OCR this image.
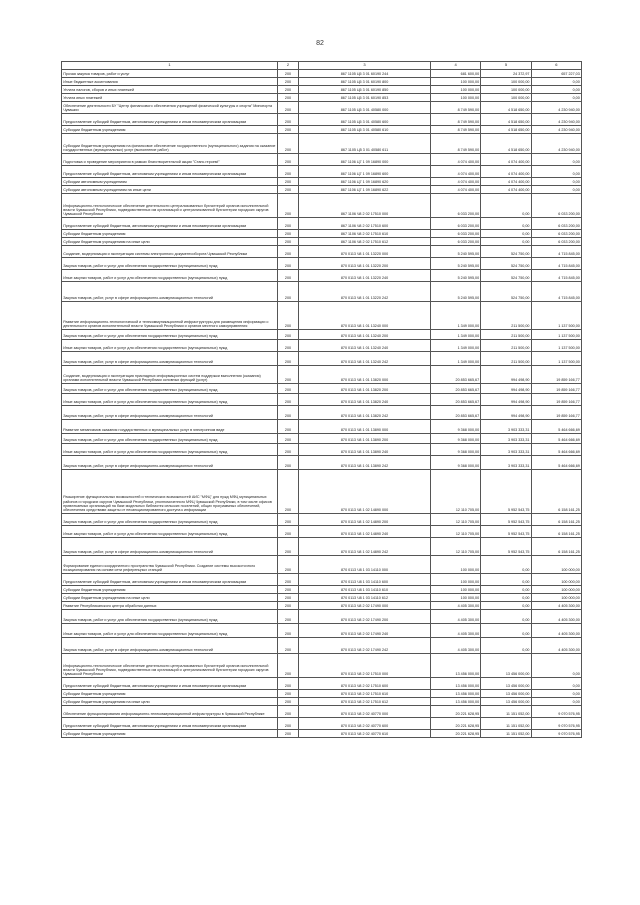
82
1	2	3	4	5	6
Прочая закупка товаров, работ и услуг	200	867 1105 Ц5 3 01 60190 244	681 600,00	24 372,97	657 227,03
Иные бюджетные ассигнования	200	867 1105 Ц5 3 01 60190 800	100 000,00	100 000,00	0,00
Уплата налогов, сборов и иных платежей	200	867 1105 Ц5 3 01 60190 850	100 000,00	100 000,00	0,00
Уплата иных платежей	200	867 1105 Ц5 3 01 60190 853	100 000,00	100 000,00	0,00
Обеспечение деятельности БУ "Центр финансового обеспечения учреждений физической культуры и спорта" Минспорта Чувашии	200	867 1105 Ц5 3 01 40580 000	8 749 590,00	4 518 650,00	4 230 940,00
Предоставление субсидий бюджетным, автономным учреждениям и иным некоммерческим организациям	200	867 1105 Ц5 3 01 40580 600	8 749 590,00	4 518 650,00	4 230 940,00
Субсидии бюджетным учреждениям	200	867 1105 Ц5 3 01 40580 610	8 749 590,00	4 518 650,00	4 230 940,00
Субсидии бюджетным учреждениям на финансовое обеспечение государственного (муниципального) задания на оказание государственных (муниципальных) услуг (выполнение работ)	200	867 1105 Ц5 3 01 40580 611	8 749 590,00	4 518 650,00	4 230 940,00
Подготовка и проведение мероприятия в рамках благотворительной акции "Стань героем!"	200	867 1106 Ц7 1 09 16890 000	4 074 400,00	4 074 400,00	0,00
Предоставление субсидий бюджетным, автономным учреждениям и иным некоммерческим организациям	200	867 1106 Ц7 1 09 16890 600	4 074 400,00	4 074 400,00	0,00
Субсидии автономным учреждениям	200	867 1106 Ц7 1 09 16890 620	4 074 400,00	4 074 400,00	0,00
Субсидии автономным учреждениям на иные цели	200	867 1106 Ц7 1 09 16890 622	4 074 400,00	4 074 400,00	0,00
Информационно-технологическое обеспечение деятельности централизованных бухгалтерий органов исполнительной власти Чувашской Республики, подведомственных им организаций и централизованной бухгалтерии городских округов Чувашской Республики	200	867 1106 Ч8 2 02 17510 000	6 033 200,00	0,00	6 033 200,00
Предоставление субсидий бюджетным, автономным учреждениям и иным некоммерческим организациям	200	867 1106 Ч8 2 02 17510 600	6 033 200,00	0,00	6 033 200,00
Субсидии бюджетным учреждениям	200	867 1106 Ч8 2 02 17510 610	6 033 200,00	0,00	6 033 200,00
Субсидии бюджетным учреждениям на иные цели	200	867 1106 Ч8 2 02 17510 612	6 033 200,00	0,00	6 033 200,00
Создание, модернизация и эксплуатация системы электронного документооборота Чувашской Республики	200	870 0113 Ч8 1 01 13220 000	5 240 595,00	524 750,00	4 715 845,00
Закупка товаров, работ и услуг для обеспечения государственных (муниципальных) нужд	200	870 0113 Ч8 1 01 13220 200	5 240 595,00	524 750,00	4 715 845,00
Иные закупки товаров, работ и услуг для обеспечения государственных (муниципальных) нужд	200	870 0113 Ч8 1 01 13220 240	5 240 595,00	524 750,00	4 715 845,00
Закупка товаров, работ, услуг в сфере информационно-коммуникационных технологий	200	870 0113 Ч8 1 01 13220 242	5 240 595,00	524 750,00	4 715 845,00
Развитие информационно-технологической и телекоммуникационной инфраструктуры для размещения информации о деятельности органов исполнительной власти Чувашской Республики и органов местного самоуправления	200	870 0113 Ч8 1 01 13240 000	1 349 000,00	211 500,00	1 137 500,00
Закупка товаров, работ и услуг для обеспечения государственных (муниципальных) нужд	200	870 0113 Ч8 1 01 13240 200	1 349 000,00	211 500,00	1 137 500,00
Иные закупки товаров, работ и услуг для обеспечения государственных (муниципальных) нужд	200	870 0113 Ч8 1 01 13240 240	1 349 000,00	211 500,00	1 137 500,00
Закупка товаров, работ, услуг в сфере информационно-коммуникационных технологий	200	870 0113 Ч8 1 01 13240 242	1 349 000,00	211 500,00	1 137 500,00
Создание, модернизация и эксплуатация прикладных информационных систем поддержки выполнения (оказания) органами исполнительной власти Чувашской Республики основных функций (услуг)	200	870 0113 Ч8 1 01 13820 000	20 853 665,67	994 498,90	19 859 166,77
Закупка товаров, работ и услуг для обеспечения государственных (муниципальных) нужд	200	870 0113 Ч8 1 01 13820 200	20 853 665,67	994 498,90	19 859 166,77
Иные закупки товаров, работ и услуг для обеспечения государственных (муниципальных) нужд	200	870 0113 Ч8 1 01 13820 240	20 853 665,67	994 498,90	19 859 166,77
Закупка товаров, работ, услуг в сфере информационно-коммуникационных технологий	200	870 0113 Ч8 1 01 13820 242	20 853 665,67	994 498,90	19 859 166,77
Развитие механизмов оказания государственных и муниципальных услуг в электронном виде	200	870 0113 Ч8 1 01 13890 000	9 368 000,00	3 903 333,31	5 464 666,69
Закупка товаров, работ и услуг для обеспечения государственных (муниципальных) нужд	200	870 0113 Ч8 1 01 13890 200	9 368 000,00	3 903 333,31	5 464 666,69
Иные закупки товаров, работ и услуг для обеспечения государственных (муниципальных) нужд	200	870 0113 Ч8 1 01 13890 240	9 368 000,00	3 903 333,31	5 464 666,69
Закупка товаров, работ, услуг в сфере информационно-коммуникационных технологий	200	870 0113 Ч8 1 01 13890 242	9 368 000,00	3 903 333,31	5 464 666,69
Расширение функциональных возможностей и технических возможностей АИС "МФЦ" для нужд МФЦ муниципальных районов и городских округов Чувашской Республики, уполномоченного МФЦ Чувашской Республики, в том числе офисов привлекаемых организаций на базе модельных библиотек сельских поселений, общих программных обеспечений, обеспечения средствами защиты от несанкционированного доступа к информации	200	870 0113 Ч8 1 02 14890 000	12 110 705,00	5 952 543,75	6 158 161,25
Закупка товаров, работ и услуг для обеспечения государственных (муниципальных) нужд	200	870 0113 Ч8 1 02 14890 200	12 110 705,00	5 952 543,75	6 158 161,25
Иные закупки товаров, работ и услуг для обеспечения государственных (муниципальных) нужд	200	870 0113 Ч8 1 02 14890 240	12 110 705,00	5 952 543,75	6 158 161,25
Закупка товаров, работ, услуг в сфере информационно-коммуникационных технологий	200	870 0113 Ч8 1 02 14890 242	12 110 705,00	5 952 543,75	6 158 161,25
Формирование единого координатного пространства Чувашской Республики. Создание системы высокоточного позиционирования на основе сети референцных станций	200	870 0113 Ч8 1 03 14110 000	100 000,00	0,00	100 000,00
Предоставление субсидий бюджетным, автономным учреждениям и иным некоммерческим организациям	200	870 0113 Ч8 1 03 14110 600	100 000,00	0,00	100 000,00
Субсидии бюджетным учреждениям	200	870 0113 Ч8 1 03 14110 610	100 000,00	0,00	100 000,00
Субсидии бюджетным учреждениям на иные цели	200	870 0113 Ч8 1 03 14110 612	100 000,00	0,00	100 000,00
Развитие Республиканского центра обработки данных	200	870 0113 Ч8 2 02 17490 000	4 405 300,00	0,00	4 405 300,00
Закупка товаров, работ и услуг для обеспечения государственных (муниципальных) нужд	200	870 0113 Ч8 2 02 17490 200	4 405 300,00	0,00	4 405 300,00
Иные закупки товаров, работ и услуг для обеспечения государственных (муниципальных) нужд	200	870 0113 Ч8 2 02 17490 240	4 405 300,00	0,00	4 405 300,00
Закупка товаров, работ, услуг в сфере информационно-коммуникационных технологий	200	870 0113 Ч8 2 02 17490 242	4 405 300,00	0,00	4 405 300,00
Информационно-технологическое обеспечение деятельности централизованных бухгалтерий органов исполнительной власти Чувашской Республики, подведомственных им организаций и централизованной бухгалтерии городских округов Чувашской Республики	200	870 0113 Ч8 2 02 17510 000	13 456 000,00	13 456 000,00	0,00
Предоставление субсидий бюджетным, автономным учреждениям и иным некоммерческим организациям	200	870 0113 Ч8 2 02 17510 600	13 456 000,00	13 456 000,00	0,00
Субсидии бюджетным учреждениям	200	870 0113 Ч8 2 02 17510 610	13 456 000,00	13 456 000,00	0,00
Субсидии бюджетным учреждениям на иные цели	200	870 0113 Ч8 2 02 17510 612	13 456 000,00	13 456 000,00	0,00
Обеспечение функционирования информационно-телекоммуникационной инфраструктуры в Чувашской Республике	200	870 0113 Ч8 2 02 40770 000	20 221 628,95	11 151 052,00	9 070 576,95
Предоставление субсидий бюджетным, автономным учреждениям и иным некоммерческим организациям	200	870 0113 Ч8 2 02 40770 600	20 221 628,95	11 151 052,00	9 070 576,95
Субсидии бюджетным учреждениям	200	870 0113 Ч8 2 02 40770 610	20 221 628,95	11 151 052,00	9 070 576,95
